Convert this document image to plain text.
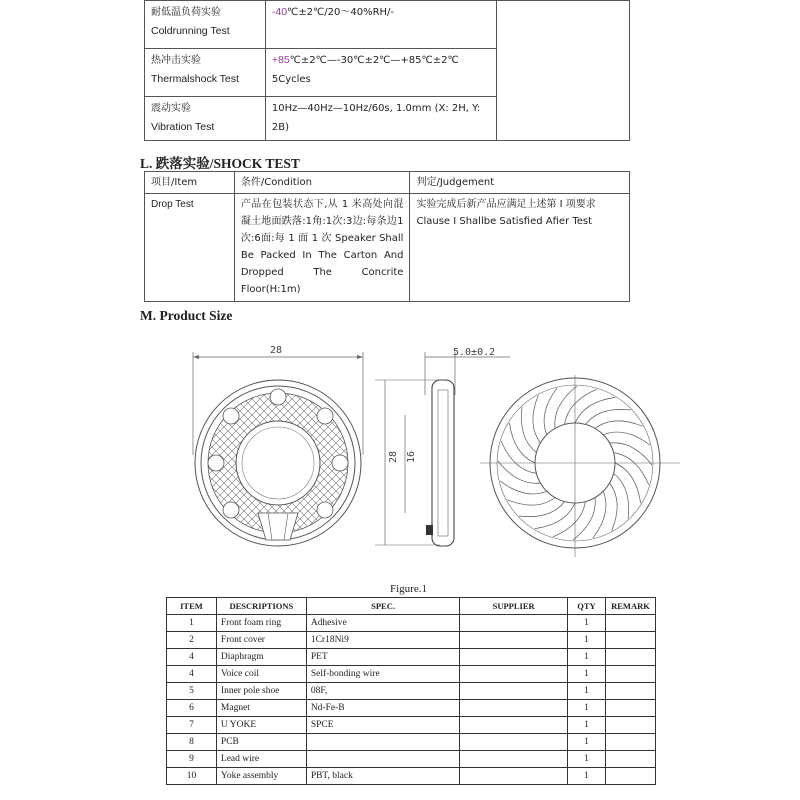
耐低温负荷实验
Coldrunning Test	-40℃±2℃/20～40%RH/-	

热冲击实验
Thermalshock Test	+85℃±2℃—-30℃±2℃—+85℃±2℃ 5Cycles	

震动实验
Vibration Test	10Hz—40Hz—10Hz/60s, 1.0mm (X: 2H, Y: 2B)	
L. 跌落实验/SHOCK TEST
项目/Item	条件/Condition	判定/Judgement
Drop Test	产品在包装状态下,从 1 米高处向混凝土地面跌落:1角:1次:3边:每条边1次:6面:每 1 面 1 次 Speaker Shall Be Packed In The Carton And Dropped The Concrite Floor(H:1m)	实验完成后新产品应满足上述第 I 项要求 Clause I Shallbe Satisfied Afier Test
M. Product Size
28	5.0±0.2
28 16
Figure.1
ITEM	DESCRIPTIONS	SPEC.	SUPPLIER	QTY	REMARK
1	Front foam ring	Adhesive		1	
2	Front cover	1Cr18Ni9		1	
4	Diaphragm	PET		1	
4	Voice coil	Self-bonding wire		1	
5	Inner pole shoe	08F,		1	
6	Magnet	Nd-Fe-B		1	
7	U YOKE	SPCE		1	
8	PCB			1	
9	Lead wire			1	
10	Yoke assembly	PBT, black		1	
